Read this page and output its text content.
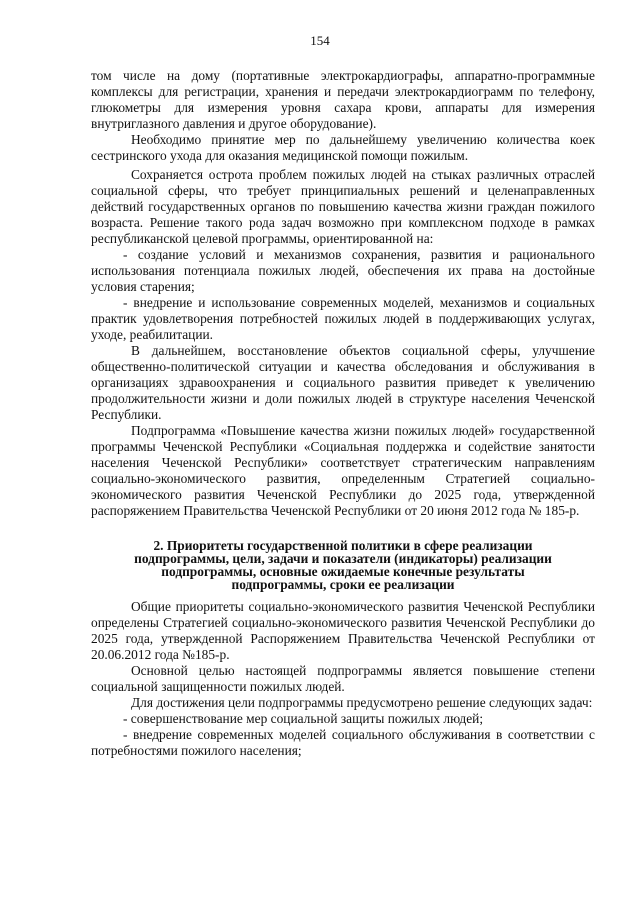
154

том числе на дому (портативные электрокардиографы, аппаратно-программные комплексы для регистрации, хранения и передачи электрокардиограмм по телефону, глюкометры для измерения уровня сахара крови, аппараты для измерения внутриглазного давления и другое оборудование).

Необходимо принятие мер по дальнейшему увеличению количества коек сестринского ухода для оказания медицинской помощи пожилым.

Сохраняется острота проблем пожилых людей на стыках различных отраслей социальной сферы, что требует принципиальных решений и целенаправленных действий государственных органов по повышению качества жизни граждан пожилого возраста. Решение такого рода задач возможно при комплексном подходе в рамках республиканской целевой программы, ориентированной на:

- создание условий и механизмов сохранения, развития и рационального использования потенциала пожилых людей, обеспечения их права на достойные условия старения;

- внедрение и использование современных моделей, механизмов и социальных практик удовлетворения потребностей пожилых людей в поддерживающих услугах, уходе, реабилитации.

В дальнейшем, восстановление объектов социальной сферы, улучшение общественно-политической ситуации и качества обследования и обслуживания в организациях здравоохранения и социального развития приведет к увеличению продолжительности жизни и доли пожилых людей в структуре населения Чеченской Республики.

Подпрограмма «Повышение качества жизни пожилых людей» государственной программы Чеченской Республики «Социальная поддержка и содействие занятости населения Чеченской Республики» соответствует стратегическим направлениям социально-экономического развития, определенным Стратегией социально-экономического развития Чеченской Республики до 2025 года, утвержденной распоряжением Правительства Чеченской Республики от 20 июня 2012 года № 185-р.

2. Приоритеты государственной политики в сфере реализации
подпрограммы, цели, задачи и показатели (индикаторы) реализации
подпрограммы, основные ожидаемые конечные результаты
подпрограммы, сроки ее реализации

Общие приоритеты социально-экономического развития Чеченской Республики определены Стратегией социально-экономического развития Чеченской Республики до 2025 года, утвержденной Распоряжением Правительства Чеченской Республики от 20.06.2012 года №185-р.

Основной целью настоящей подпрограммы является повышение степени социальной защищенности пожилых людей.

Для достижения цели подпрограммы предусмотрено решение следующих задач:

- совершенствование мер социальной защиты пожилых людей;

- внедрение современных моделей социального обслуживания в соответствии с потребностями пожилого населения;
